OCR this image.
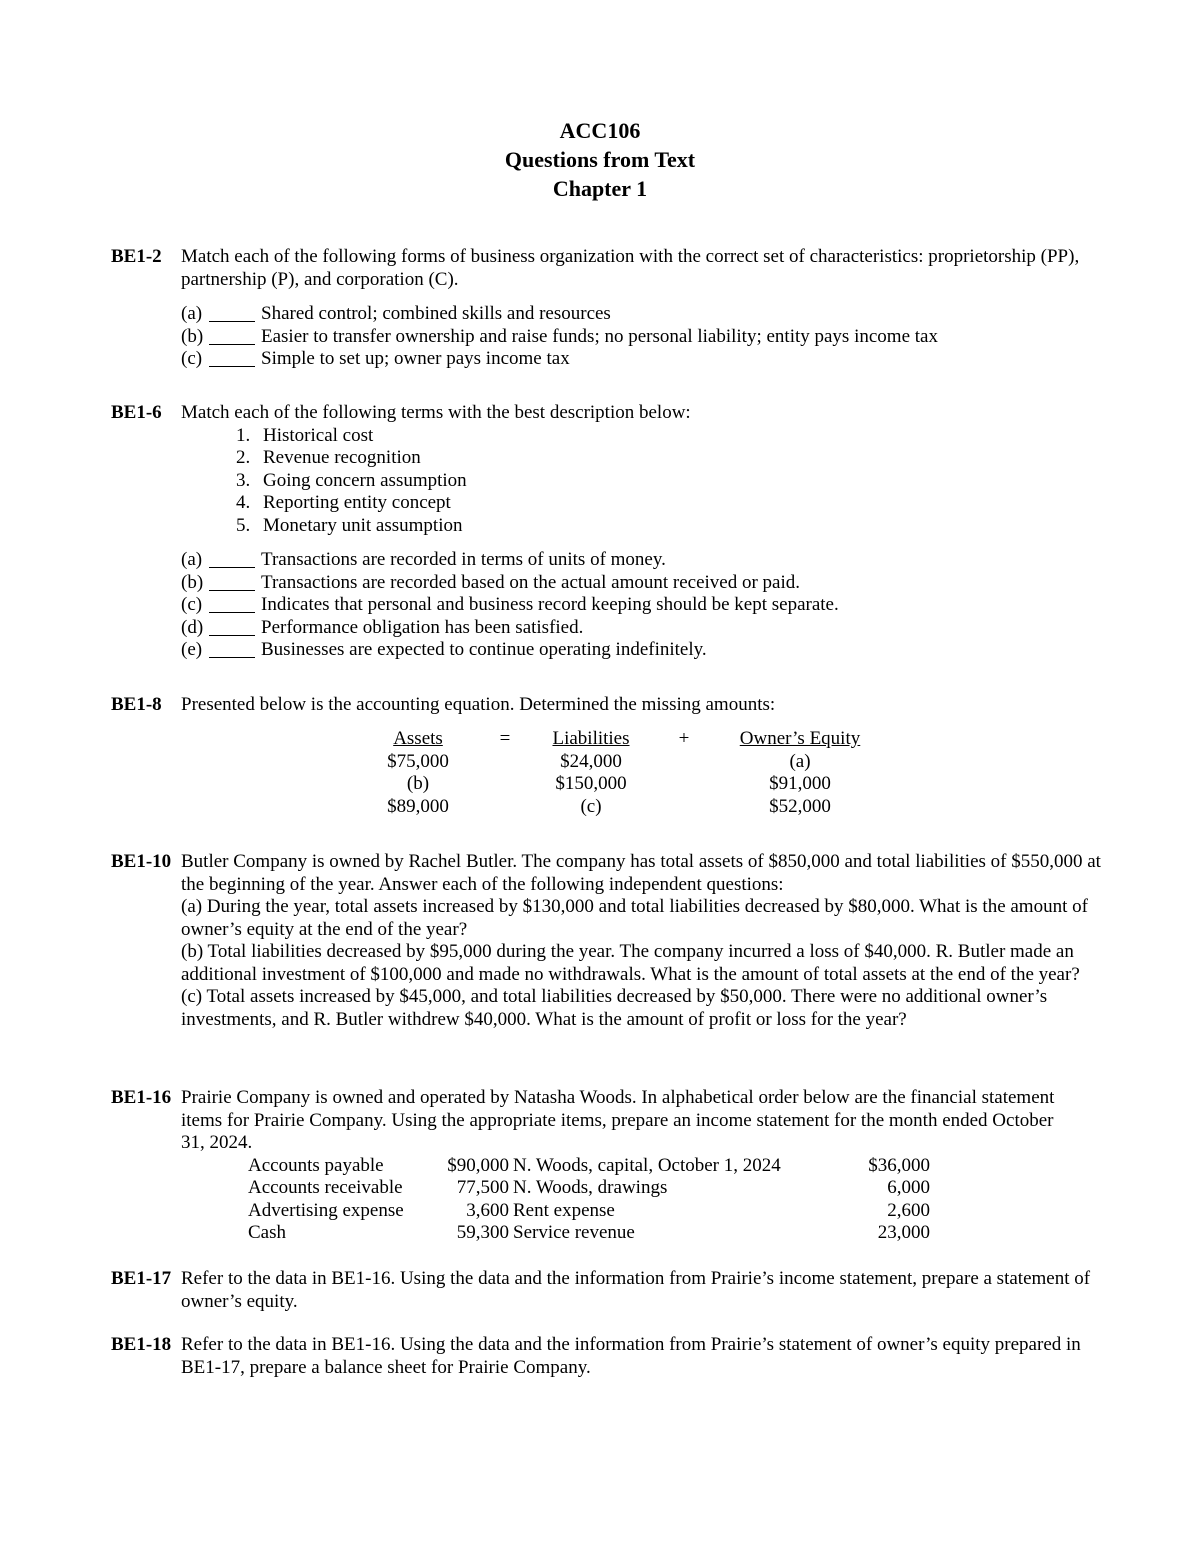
ACC106
Questions from Text
Chapter 1
BE1-2 Match each of the following forms of business organization with the correct set of characteristics: proprietorship (PP), partnership (P), and corporation (C).

(a)	Shared control; combined skills and resources
(b)	Easier to transfer ownership and raise funds; no personal liability; entity pays income tax
(c)	Simple to set up; owner pays income tax
BE1-6 Match each of the following terms with the best description below:

1. Historical cost
2. Revenue recognition
3. Going concern assumption
4. Reporting entity concept
5. Monetary unit assumption
(a)	Transactions are recorded in terms of units of money.
(b)	Transactions are recorded based on the actual amount received or paid.
(c)	Indicates that personal and business record keeping should be kept separate.
(d)	Performance obligation has been satisfied.
(e)	Businesses are expected to continue operating indefinitely.
BE1-8 Presented below is the accounting equation. Determined the missing amounts:

Assets	=	Liabilities	+	Owner’s Equity
$75,000		$24,000		(a)
(b)		$150,000		$91,000
$89,000		(c)		$52,000
BE1-10 Butler Company is owned by Rachel Butler. The company has total assets of $850,000 and total liabilities of $550,000 at the beginning of the year. Answer each of the following independent questions:

(a) During the year, total assets increased by $130,000 and total liabilities decreased by $80,000. What is the amount of owner’s equity at the end of the year?

(b) Total liabilities decreased by $95,000 during the year. The company incurred a loss of $40,000. R. Butler made an additional investment of $100,000 and made no withdrawals. What is the amount of total assets at the end of the year?

(c) Total assets increased by $45,000, and total liabilities decreased by $50,000. There were no additional owner’s investments, and R. Butler withdrew $40,000. What is the amount of profit or loss for the year?

BE1-16 Prairie Company is owned and operated by Natasha Woods. In alphabetical order below are the financial statement items for Prairie Company. Using the appropriate items, prepare an income statement for the month ended October 31, 2024.

Accounts payable	$90,000	N. Woods, capital, October 1, 2024	$36,000
Accounts receivable	77,500	N. Woods, drawings	6,000
Advertising expense	3,600	Rent expense	2,600
Cash	59,300	Service revenue	23,000
BE1-17 Refer to the data in BE1-16. Using the data and the information from Prairie’s income statement, prepare a statement of owner’s equity.

BE1-18 Refer to the data in BE1-16. Using the data and the information from Prairie’s statement of owner’s equity prepared in BE1-17, prepare a balance sheet for Prairie Company.
